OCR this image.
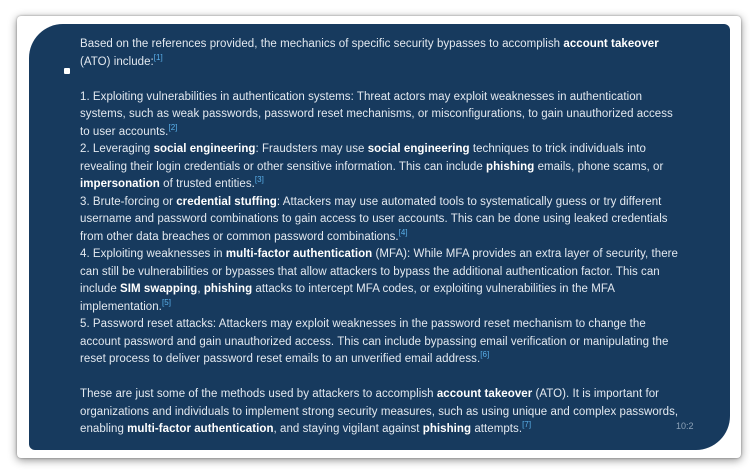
Based on the references provided, the mechanics of specific security bypasses to accomplish account takeover (ATO) include:[1]

1. Exploiting vulnerabilities in authentication systems: Threat actors may exploit weaknesses in authentication systems, such as weak passwords, password reset mechanisms, or misconfigurations, to gain unauthorized access to user accounts.[2]

2. Leveraging social engineering: Fraudsters may use social engineering techniques to trick individuals into revealing their login credentials or other sensitive information. This can include phishing emails, phone scams, or impersonation of trusted entities.[3]

3. Brute-forcing or credential stuffing: Attackers may use automated tools to systematically guess or try different username and password combinations to gain access to user accounts. This can be done using leaked credentials from other data breaches or common password combinations.[4]

4. Exploiting weaknesses in multi-factor authentication (MFA): While MFA provides an extra layer of security, there can still be vulnerabilities or bypasses that allow attackers to bypass the additional authentication factor. This can include SIM swapping, phishing attacks to intercept MFA codes, or exploiting vulnerabilities in the MFA implementation.[5]

5. Password reset attacks: Attackers may exploit weaknesses in the password reset mechanism to change the account password and gain unauthorized access. This can include bypassing email verification or manipulating the reset process to deliver password reset emails to an unverified email address.[6]

These are just some of the methods used by attackers to accomplish account takeover (ATO). It is important for organizations and individuals to implement strong security measures, such as using unique and complex passwords, enabling multi-factor authentication, and staying vigilant against phishing attempts.[7]	10:2
